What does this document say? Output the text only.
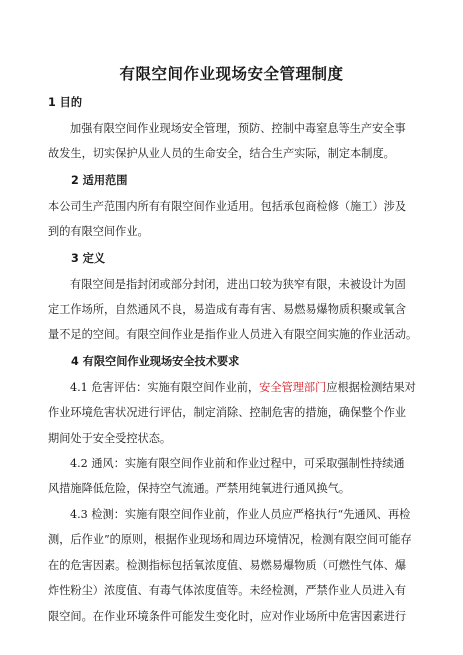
有限空间作业现场安全管理制度
1 目的
加强有限空间作业现场安全管理，预防、控制中毒窒息等生产安全事
故发生，切实保护从业人员的生命安全，结合生产实际，制定本制度。
2 适用范围
本公司生产范围内所有有限空间作业适用。包括承包商检修（施工）涉及
到的有限空间作业。
3 定义
有限空间是指封闭或部分封闭，进出口较为狭窄有限，未被设计为固
定工作场所，自然通风不良，易造成有毒有害、易燃易爆物质积聚或氧含
量不足的空间。有限空间作业是指作业人员进入有限空间实施的作业活动。
4 有限空间作业现场安全技术要求
4.1 危害评估：实施有限空间作业前，安全管理部门应根据检测结果对
作业环境危害状况进行评估，制定消除、控制危害的措施，确保整个作业
期间处于安全受控状态。
4.2 通风：实施有限空间作业前和作业过程中，可采取强制性持续通
风措施降低危险，保持空气流通。严禁用纯氧进行通风换气。
4.3 检测：实施有限空间作业前，作业人员应严格执行“先通风、再检
测，后作业”的原则，根据作业现场和周边环境情况，检测有限空间可能存
在的危害因素。检测指标包括氧浓度值、易燃易爆物质（可燃性气体、爆
炸性粉尘）浓度值、有毒气体浓度值等。未经检测，严禁作业人员进入有
限空间。在作业环境条件可能发生变化时，应对作业场所中危害因素进行
